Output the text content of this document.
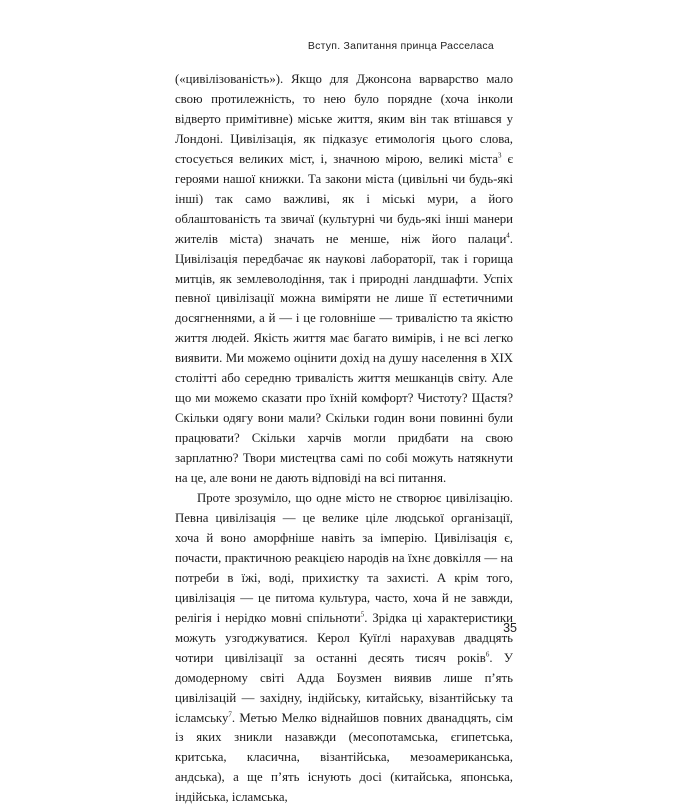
Вступ. Запитання принца Расселаса

(«цивілізованість»). Якщо для Джонсона варварство мало свою протилежність, то нею було порядне (хоча інколи відверто примітивне) міське життя, яким він так втішався у Лондоні. Цивілізація, як підказує етимологія цього слова, стосується великих міст, і, значною мірою, великі міста$^3$ є героями нашої книжки. Та закони міста (цивільні чи будь-які інші) так само важливі, як і міські мури, а його облаштованість та звичаї (культурні чи будь-які інші манери жителів міста) значать не менше, ніж його палаци$^4$. Цивілізація передбачає як наукові лабораторії, так і горища митців, як землеволодіння, так і природні ландшафти. Успіх певної цивілізації можна виміряти не лише її естетичними досягненнями, а й — і це головніше — тривалістю та якістю життя людей. Якість життя має багато вимірів, і не всі легко виявити. Ми можемо оцінити дохід на душу населення в XIX столітті або середню тривалість життя мешканців світу. Але що ми можемо сказати про їхній комфорт? Чистоту? Щастя? Скільки одягу вони мали? Скільки годин вони повинні були працювати? Скільки харчів могли придбати на свою зарплатню? Твори мистецтва самі по собі можуть натякнути на це, але вони не дають відповіді на всі питання.

Проте зрозуміло, що одне місто не створює цивілізацію. Певна цивілізація — це велике ціле людської організації, хоча й воно аморфніше навіть за імперію. Цивілізація є, почасти, практичною реакцією народів на їхнє довкілля — на потреби в їжі, воді, прихистку та захисті. А крім того, цивілізація — це питома культура, часто, хоча й не завжди, релігія і нерідко мовні спільноти$^5$. Зрідка ці характеристики можуть узгоджуватися. Керол Куїґлі нарахував двадцять чотири цивілізації за останні десять тисяч років$^6$. У домодерному світі Адда Боузмен виявив лише п’ять цивілізацій — західну, індійську, китайську, візантійську та ісламську$^7$. Метью Мелко віднайшов повних дванадцять, сім із яких зникли назавжди (месопотамська, єгипетська, критська, класична, візантійська, мезоамериканська, андська), а ще п’ять існують досі (китайська, японська, індійська, ісламська,

35
